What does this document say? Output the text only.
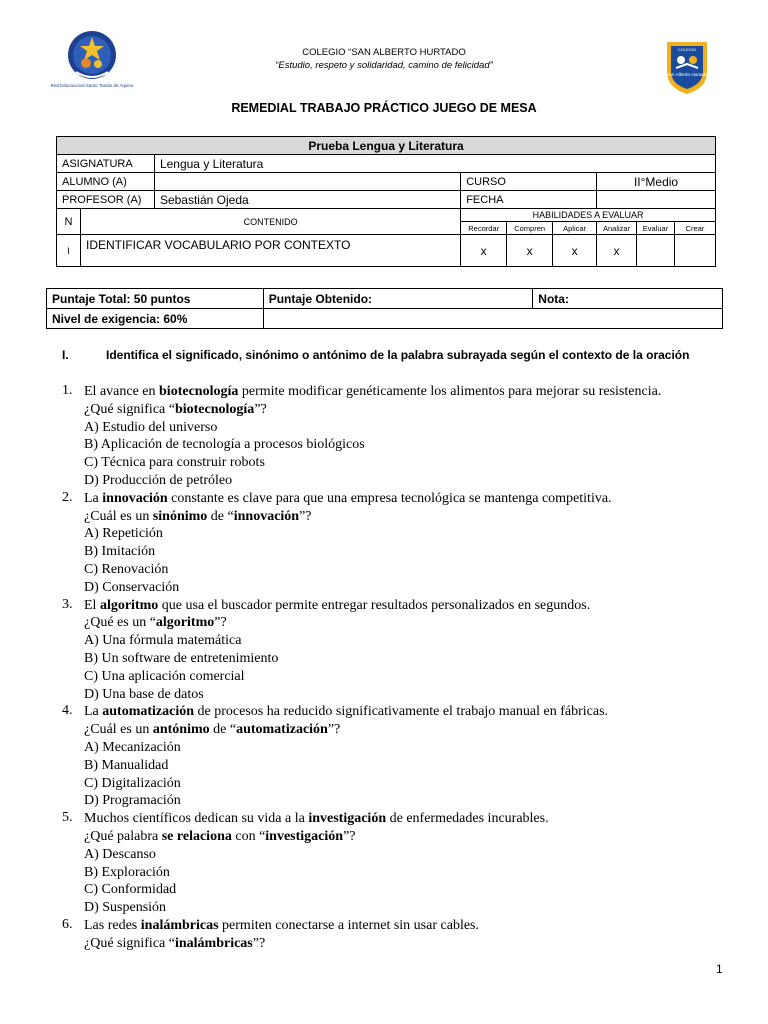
Red Educacional Santo Tomás de Aquino
COLEGIO “SAN ALBERTO HURTADO
“Estudio, respeto y solidaridad, camino de felicidad”
COLEGIO
San Alberto Hurtado
REMEDIAL TRABAJO PRÁCTICO JUEGO DE MESA
Prueba Lengua y Literatura								
ASIGNATURA		Lengua y Literatura						
ALUMNO (A)			CURSO			II°Medio		
PROFESOR (A)		Sebastián Ojeda	FECHA					
N	CONTENIDO		HABILIDADES A EVALUAR					
			Recordar	Compren	Aplicar	Analizar	Evaluar	Crear
I	IDENTIFICAR VOCABULARIO POR CONTEXTO		x	x	x	x		
Puntaje Total: 50 puntos	Puntaje Obtenido:	Nota:
Nivel de exigencia: 60%		
I.	Identifica el significado, sinónimo o antónimo de la palabra subrayada según el contexto de la oración
1. El avance en biotecnología permite modificar genéticamente los alimentos para mejorar su resistencia.
¿Qué significa “biotecnología”?
A) Estudio del universo
B) Aplicación de tecnología a procesos biológicos
C) Técnica para construir robots
D) Producción de petróleo
2. La innovación constante es clave para que una empresa tecnológica se mantenga competitiva.
¿Cuál es un sinónimo de “innovación”?
A) Repetición
B) Imitación
C) Renovación
D) Conservación
3. El algoritmo que usa el buscador permite entregar resultados personalizados en segundos.
¿Qué es un “algoritmo”?
A) Una fórmula matemática
B) Un software de entretenimiento
C) Una aplicación comercial
D) Una base de datos
4. La automatización de procesos ha reducido significativamente el trabajo manual en fábricas.
¿Cuál es un antónimo de “automatización”?
A) Mecanización
B) Manualidad
C) Digitalización
D) Programación
5. Muchos científicos dedican su vida a la investigación de enfermedades incurables.
¿Qué palabra se relaciona con “investigación”?
A) Descanso
B) Exploración
C) Conformidad
D) Suspensión
6. Las redes inalámbricas permiten conectarse a internet sin usar cables.
¿Qué significa “inalámbricas”?
1
